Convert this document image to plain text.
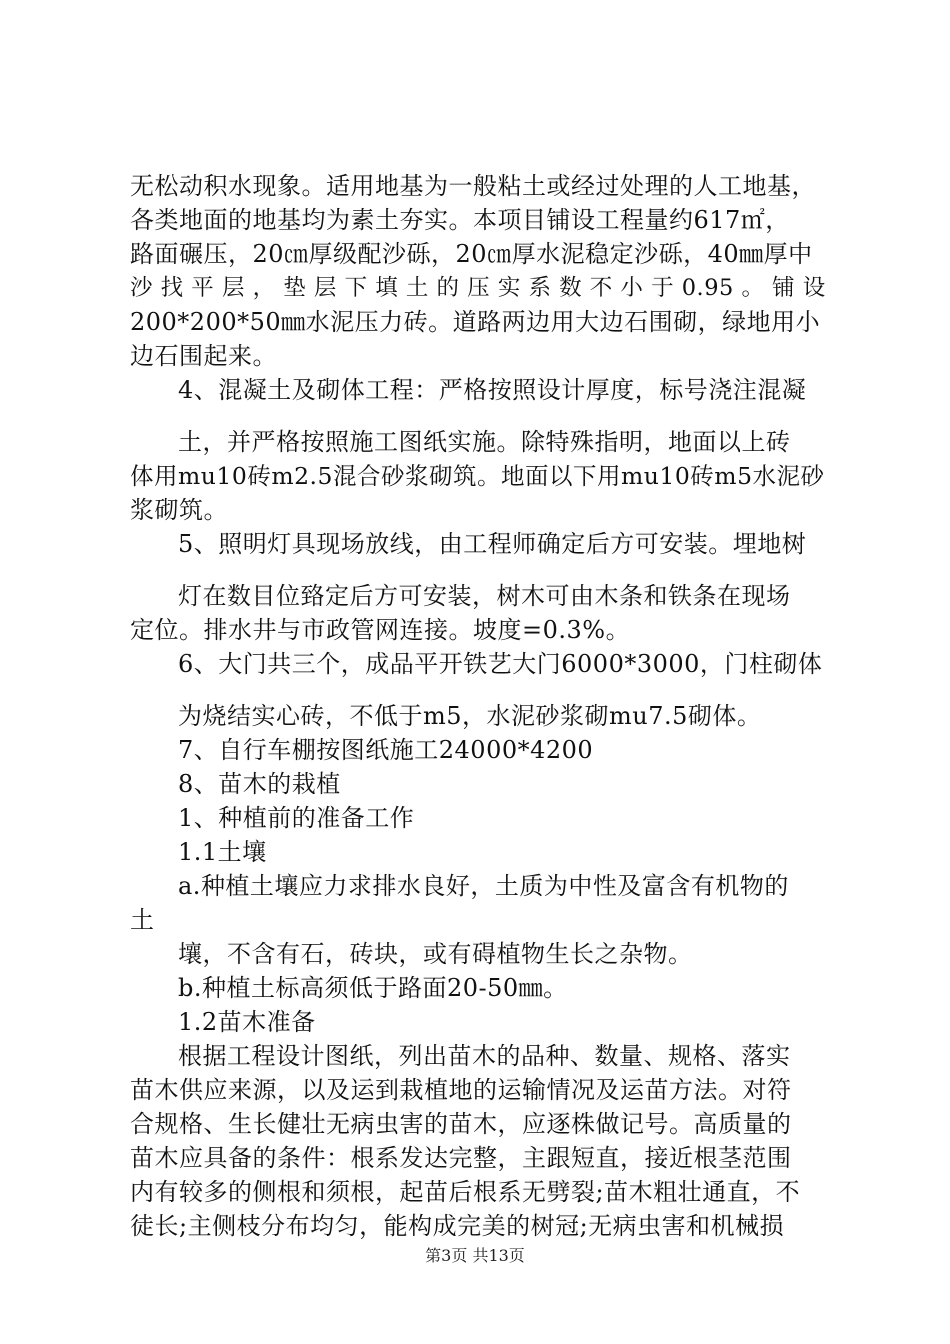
无松动积水现象。适用地基为一般粘土或经过处理的人工地基，
各类地面的地基均为素土夯实。本项目铺设工程量约617㎡，
路面碾压，20㎝厚级配沙砾，20㎝厚水泥稳定沙砾，40㎜厚中
沙 找 平 层 ， 垫 层 下 填 土 的 压 实 系 数 不 小 于 0.95 。 铺 设
200*200*50㎜水泥压力砖。道路两边用大边石围砌，绿地用小
边石围起来。
4、混凝土及砌体工程：严格按照设计厚度，标号浇注混凝
土，并严格按照施工图纸实施。除特殊指明，地面以上砖
体用mu10砖m2.5混合砂浆砌筑。地面以下用mu10砖m5水泥砂
浆砌筑。
5、照明灯具现场放线，由工程师确定后方可安装。埋地树
灯在数目位臵定后方可安装，树木可由木条和铁条在现场
定位。排水井与市政管网连接。坡度=0.3%。
6、大门共三个，成品平开铁艺大门6000*3000，门柱砌体
为烧结实心砖，不低于m5，水泥砂浆砌mu7.5砌体。
7、自行车棚按图纸施工24000*4200
8、苗木的栽植
1、种植前的准备工作
1.1土壤
a.种植土壤应力求排水良好，土质为中性及富含有机物的
土
壤，不含有石，砖块，或有碍植物生长之杂物。
b.种植土标高须低于路面20-50㎜。
1.2苗木准备
根据工程设计图纸，列出苗木的品种、数量、规格、落实
苗木供应来源，以及运到栽植地的运输情况及运苗方法。对符
合规格、生长健壮无病虫害的苗木，应逐株做记号。高质量的
苗木应具备的条件：根系发达完整，主跟短直，接近根茎范围
内有较多的侧根和须根，起苗后根系无劈裂;苗木粗壮通直，不
徒长;主侧枝分布均匀，能构成完美的树冠;无病虫害和机械损
第3页 共13页
